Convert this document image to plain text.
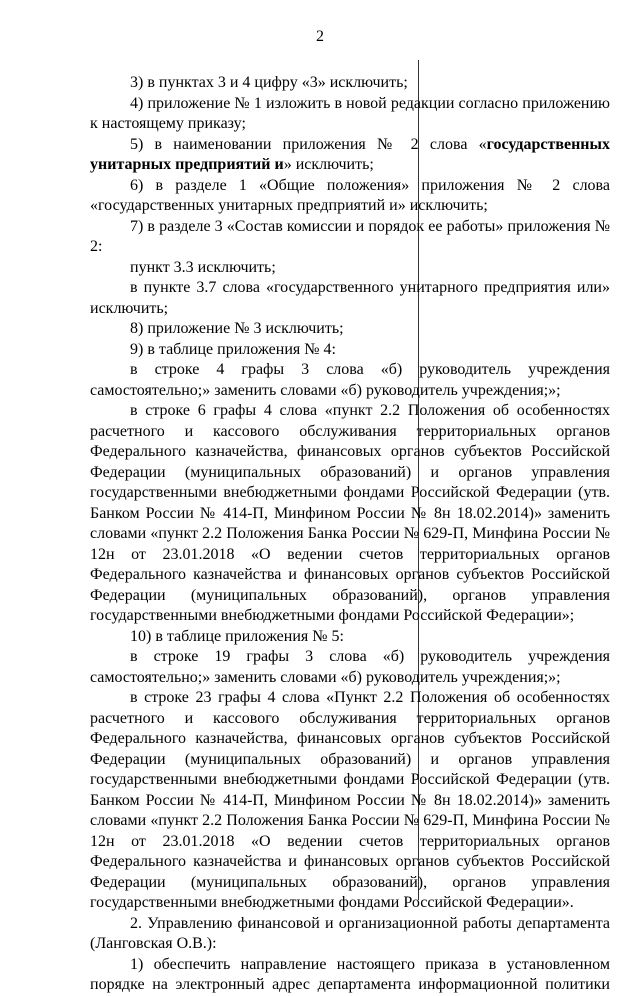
2

3) в пунктах 3 и 4 цифру «3» исключить;

4) приложение № 1 изложить в новой редакции согласно приложению к настоящему приказу;

5) в наименовании приложения № 2 слова «государственных унитарных предприятий и» исключить;

6) в разделе 1 «Общие положения» приложения № 2 слова «государственных унитарных предприятий и» исключить;

7) в разделе 3 «Состав комиссии и порядок ее работы» приложения № 2:

пункт 3.3 исключить;

в пункте 3.7 слова «государственного унитарного предприятия или» исключить;

8) приложение № 3 исключить;

9) в таблице приложения № 4:

в строке 4 графы 3 слова «б) руководитель учреждения самостоятельно;» заменить словами «б) руководитель учреждения;»;

в строке 6 графы 4 слова «пункт 2.2 Положения об особенностях расчетного и кассового обслуживания территориальных органов Федерального казначейства, финансовых органов субъектов Российской Федерации (муниципальных образований) и органов управления государственными внебюджетными фондами Российской Федерации (утв. Банком России № 414-П, Минфином России № 8н 18.02.2014)» заменить словами «пункт 2.2 Положения Банка России № 629-П, Минфина России № 12н от 23.01.2018 «О ведении счетов территориальных органов Федерального казначейства и финансовых органов субъектов Российской Федерации (муниципальных образований), органов управления государственными внебюджетными фондами Российской Федерации»;

10) в таблице приложения № 5:

в строке 19 графы 3 слова «б) руководитель учреждения самостоятельно;» заменить словами «б) руководитель учреждения;»;

в строке 23 графы 4 слова «Пункт 2.2 Положения об особенностях расчетного и кассового обслуживания территориальных органов Федерального казначейства, финансовых органов субъектов Российской Федерации (муниципальных образований) и органов управления государственными внебюджетными фондами Российской Федерации (утв. Банком России № 414-П, Минфином России № 8н 18.02.2014)» заменить словами «пункт 2.2 Положения Банка России № 629-П, Минфина России № 12н от 23.01.2018 «О ведении счетов территориальных органов Федерального казначейства и финансовых органов субъектов Российской Федерации (муниципальных образований), органов управления государственными внебюджетными фондами Российской Федерации».

2. Управлению финансовой и организационной работы департамента (Ланговская О.В.):

1) обеспечить направление настоящего приказа в установленном порядке на электронный адрес департамента информационной политики
